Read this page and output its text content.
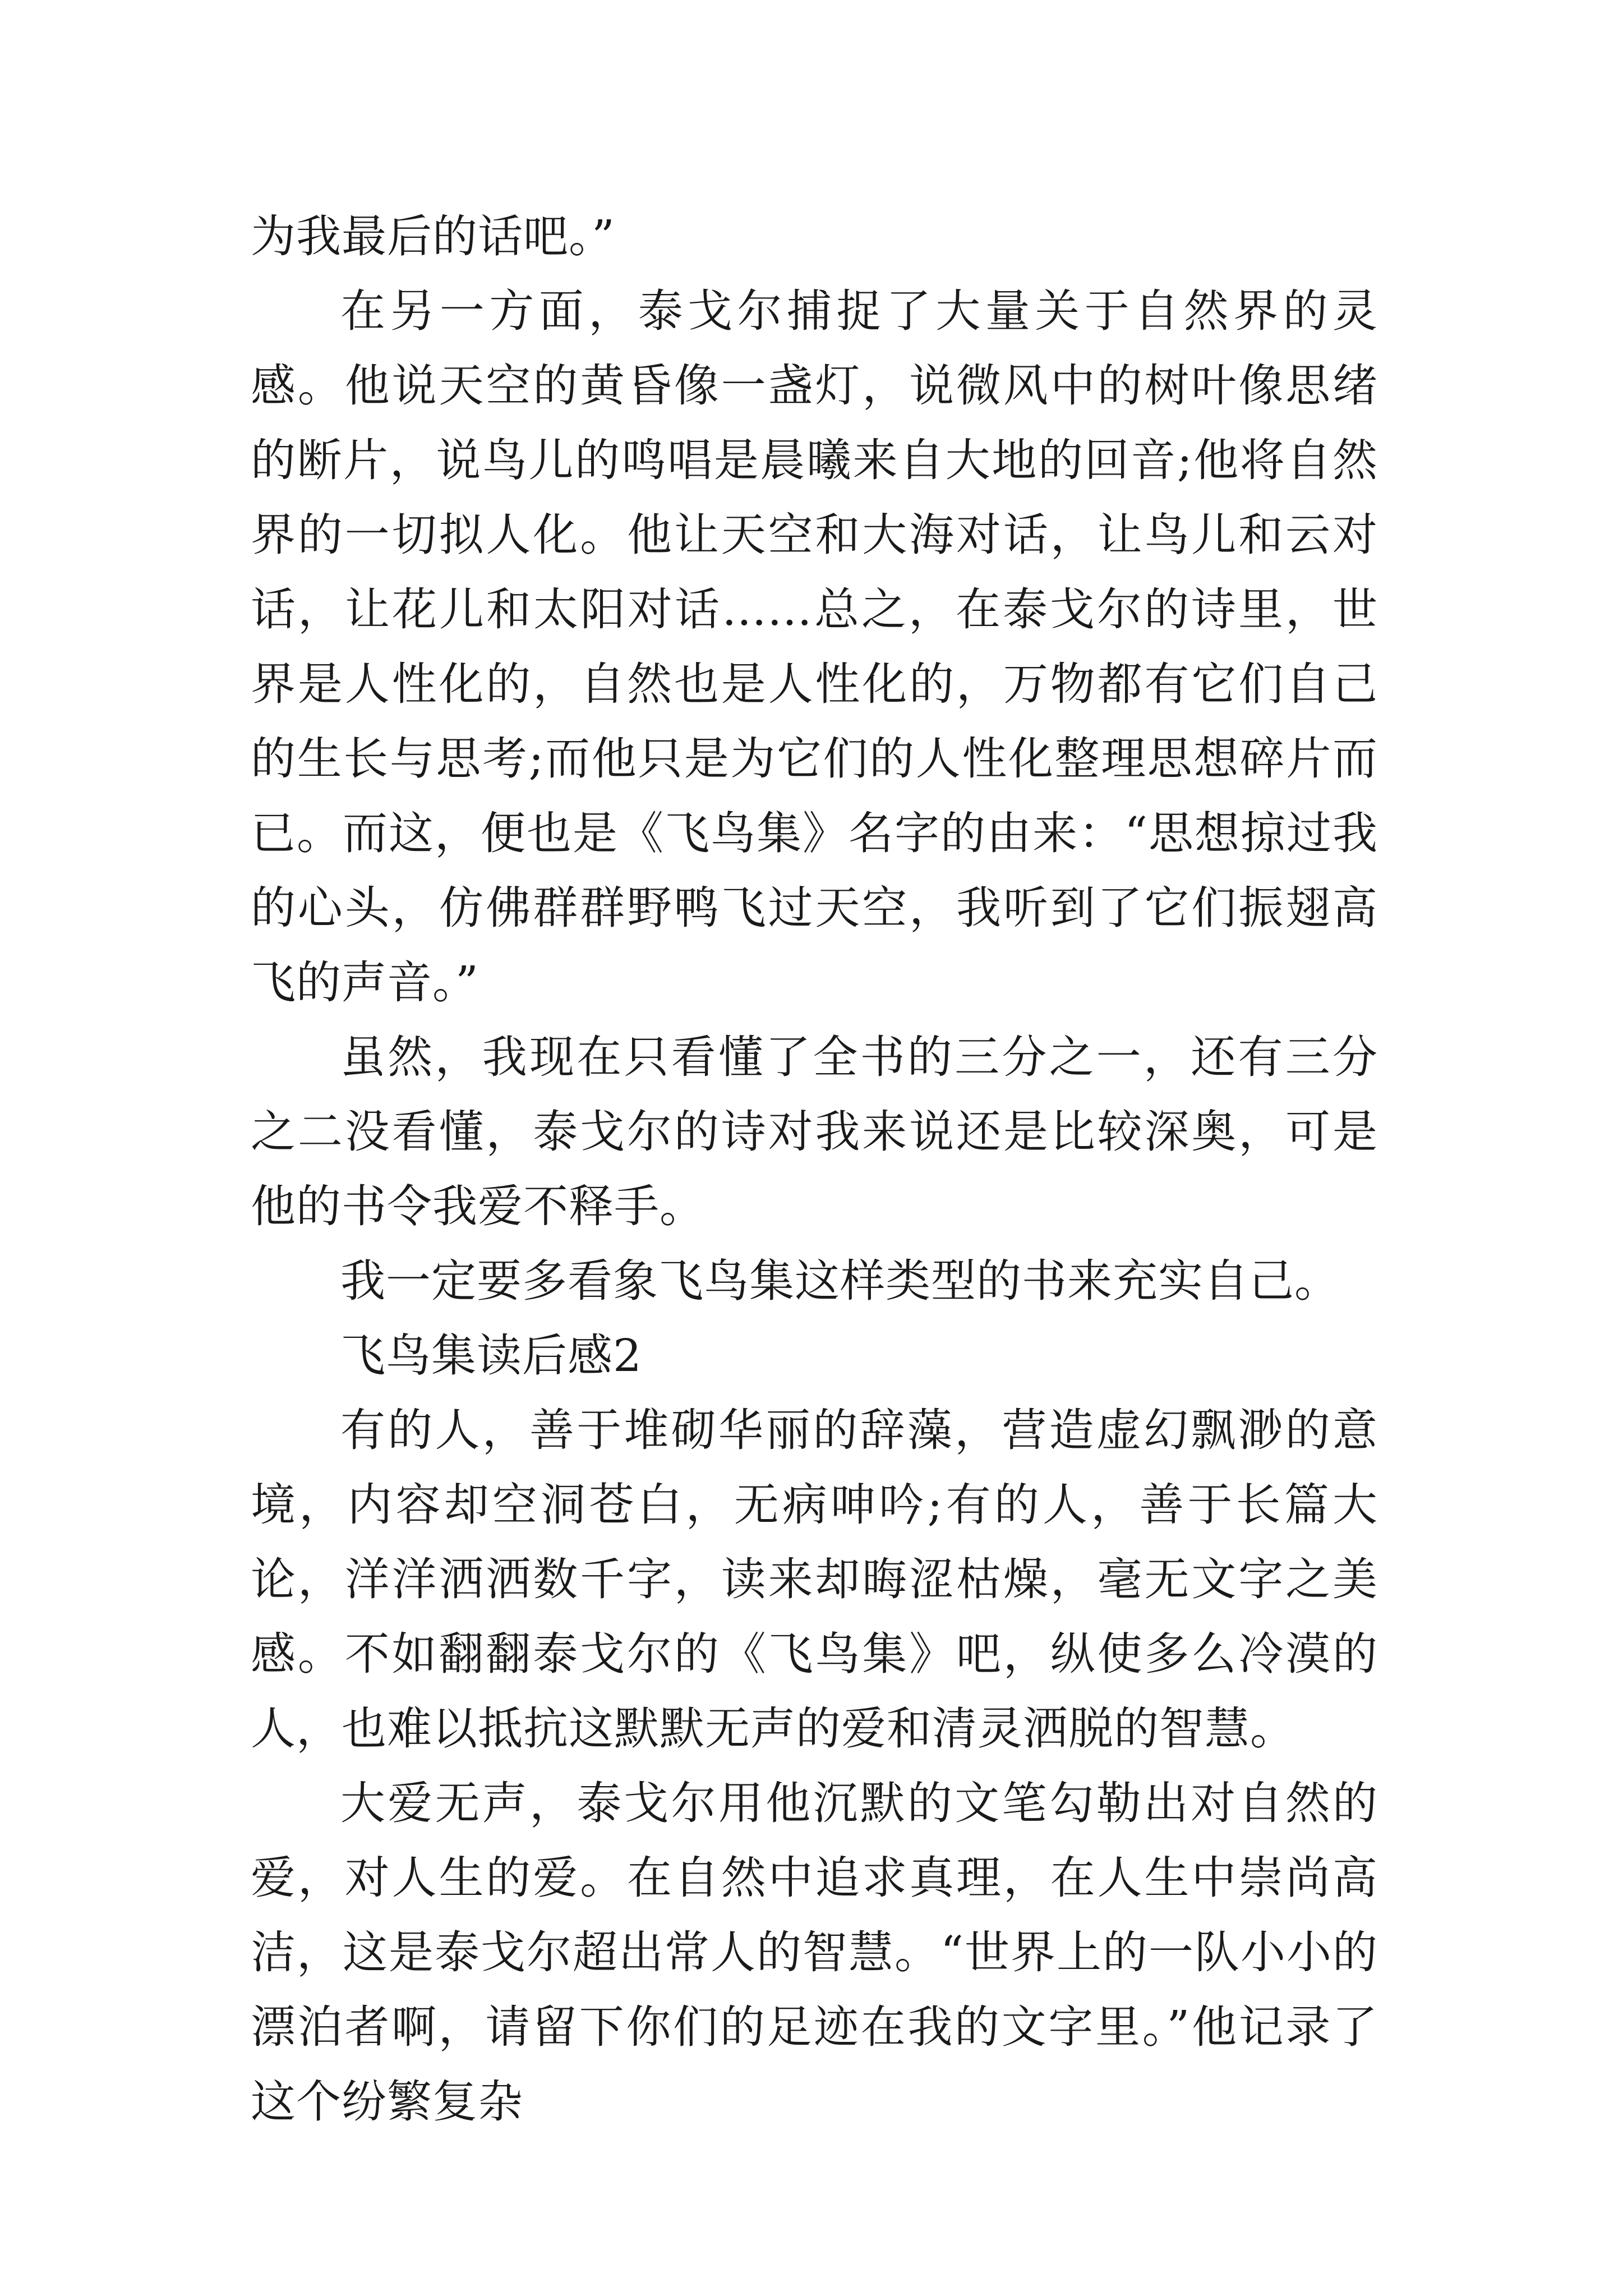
为我最后的话吧。”

在另一方面，泰戈尔捕捉了大量关于自然界的灵感。他说天空的黄昏像一盏灯，说微风中的树叶像思绪的断片，说鸟儿的鸣唱是晨曦来自大地的回音;他将自然界的一切拟人化。他让天空和大海对话，让鸟儿和云对话，让花儿和太阳对话……总之，在泰戈尔的诗里，世界是人性化的，自然也是人性化的，万物都有它们自己的生长与思考;而他只是为它们的人性化整理思想碎片而已。而这，便也是《飞鸟集》名字的由来：“思想掠过我的心头，仿佛群群野鸭飞过天空，我听到了它们振翅高飞的声音。”

虽然，我现在只看懂了全书的三分之一，还有三分之二没看懂，泰戈尔的诗对我来说还是比较深奥，可是他的书令我爱不释手。

我一定要多看象飞鸟集这样类型的书来充实自己。

飞鸟集读后感2

有的人，善于堆砌华丽的辞藻，营造虚幻飘渺的意境，内容却空洞苍白，无病呻吟;有的人，善于长篇大论，洋洋洒洒数千字，读来却晦涩枯燥，毫无文字之美感。不如翻翻泰戈尔的《飞鸟集》吧，纵使多么冷漠的人，也难以抵抗这默默无声的爱和清灵洒脱的智慧。

大爱无声，泰戈尔用他沉默的文笔勾勒出对自然的爱，对人生的爱。在自然中追求真理，在人生中崇尚高洁，这是泰戈尔超出常人的智慧。“世界上的一队小小的漂泊者啊，请留下你们的足迹在我的文字里。”他记录了这个纷繁复杂
